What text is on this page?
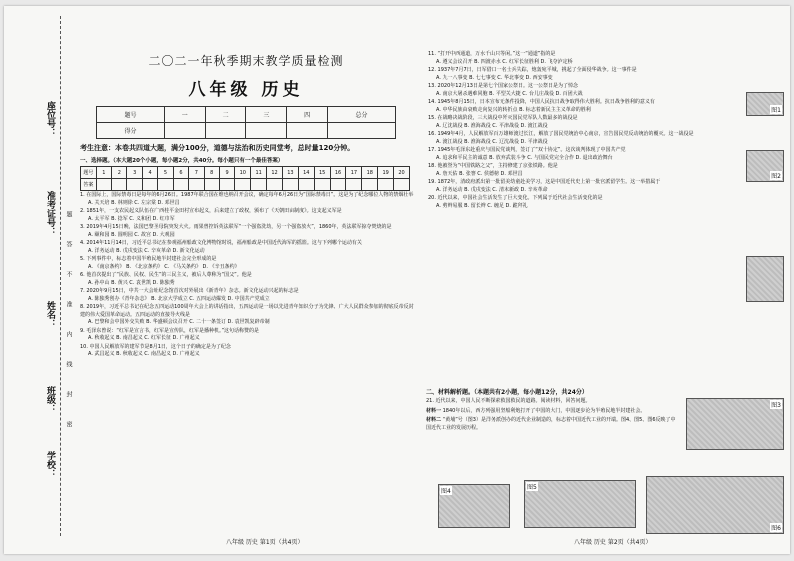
座位号：
准考证号：
姓名：
班级：
学校：
题
答
不
准
内
线
封
密
二〇二一年秋季期末教学质量检测
八年级 历史
题号	一	二	三	四	总分
得分					
考生注意：本卷共四道大题，满分100分，道德与法治和历史同堂考，总时量120分钟。
一、选择题。（本大题20个小题，每小题2分，共40分。每小题只有一个最佳答案）
题号	1	2	3	4	5	6	7	8	9	10	11	12	13	14	15	16	17	18	19	20
答案																				
1. 在国际上，国际禁毒日是每年的6月26日。1987年联合国在维也纳召开会议，确定每年6月26日为“国际禁毒日”。这是为了纪念哪位人物的禁烟壮举
A. 关天培 B. 林则徐 C. 左宗棠 D. 邓世昌
2. 1851年，一支农民起义队伍在广西桂平金田村宣布起义，后来建立了政权，颁布了《天朝田亩制度》。这支起义军是
A. 太平军 B. 捻军 C. 义和团 D. 红巾军
3. 2019年4月15日晚，法国巴黎圣母院突发大火。雨果曾控诉英法联军“一个强盗洗劫，另一个强盗放火”，1860年，英法联军掠夺焚烧的是
A. 颐和园 B. 圆明园 C. 故宫 D. 大观园
4. 2014年11月14日，习近平总书记在参观福州船政文化博物馆时说，福州船政是中国近代海军的摇篮。这与下列哪个运动有关
A. 洋务运动 B. 戊戌变法 C. 辛亥革命 D. 新文化运动
5. 下列事件中，标志着中国半殖民地半封建社会完全形成的是
A. 《南京条约》 B. 《北京条约》 C. 《马关条约》 D. 《辛丑条约》
6. 他首次提出了“民族、民权、民生”的三民主义，被后人尊称为“国父”。他是
A. 孙中山 B. 黄兴 C. 袁世凯 D. 陈独秀
7. 2020年9月15日，中共一大会址纪念馆首次对外展出《新青年》杂志。新文化运动兴起的标志是
A. 陈独秀创办《青年杂志》 B. 北京大学成立 C. 五四运动爆发 D. 中国共产党成立
8. 2019年，习近平总书记在纪念五四运动100周年大会上的讲话指出，五四运动是一场以先进青年知识分子为先锋、广大人民群众参加的彻底反帝反封建的伟大爱国革命运动。五四运动的直接导火线是
A. 巴黎和会中国外交失败 B. 华盛顿会议召开 C. 二十一条签订 D. 袁世凯复辟帝制
9. 毛泽东曾说：“红军是宣言书，红军是宣传队，红军是播种机。”这句话称赞的是
A. 秋收起义 B. 南昌起义 C. 红军长征 D. 广州起义
10. 中国人民解放军的建军节是8月1日，这个日子的确定是为了纪念
A. 武昌起义 B. 秋收起义 C. 南昌起义 D. 广州起义
八年级 历史 第1页（共4页）
11. “打开中西通道，万水千山只等闲。”这一“通道”指的是
A. 遵义会议召开 B. 四渡赤水 C. 红军长征胜利 D. 飞夺泸定桥
12. 1937年7月7日，日军借口一名士兵失踪，炮轰宛平城，挑起了全面侵华战争。这一事件是
A. 九一八事变 B. 七七事变 C. 华北事变 D. 西安事变
13. 2020年12月13日是第七个国家公祭日。这一公祭日是为了悼念
A. 南京大屠杀遇难同胞 B. 平型关大捷 C. 台儿庄战役 D. 百团大战
14. 1945年8月15日，日本宣布无条件投降，中国人民抗日战争取得伟大胜利。抗日战争胜利的意义有
A. 中华民族由衰败走向复兴的转折点 B. 标志着新民主主义革命的胜利
15. 在战略决战阶段，三大战役中歼灭国民党军队人数最多的战役是
A. 辽沈战役 B. 淮海战役 C. 平津战役 D. 渡江战役
16. 1949年4月，人民解放军百万雄师渡过长江，解放了国民党统治中心南京，宣告国民党反动统治的覆灭。这一战役是
A. 渡江战役 B. 淮海战役 C. 辽沈战役 D. 平津战役
17. 1945年毛泽东赴重庆与国民党谈判，签订了“双十协定”。这次谈判体现了中国共产党
A. 追求和平民主的诚意 B. 放弃武装斗争 C. 与国民党完全合作 D. 退出政治舞台
18. 他被誉为“中国铁路之父”，主持修建了京张铁路。他是
A. 詹天佑 B. 张謇 C. 侯德榜 D. 邓世昌
19. 1872年，清政府派出第一批留美幼童赴美学习，这是中国近代史上第一批官派留学生。这一举措属于
A. 洋务运动 B. 戊戌变法 C. 清末新政 D. 辛亥革命
20. 近代以来，中国社会生活发生了巨大变化。下列属于近代社会生活变化的是
A. 剪辫易服 B. 留长辫 C. 缠足 D. 跪拜礼
图1
图2
二、材料解析题。（本题共有2小题，每小题12分，共24分）
21. 近代以来，中国人民不断探索救国救民的道路。阅读材料，回答问题。
材料一 1840年以后，西方列强用坚船利炮打开了中国的大门，中国逐步沦为半殖民地半封建社会。
材料二 “黄埔”号（图3）是洋务派创办的近代企业制造的，标志着中国近代工业的开端。图4、图5、图6反映了中国近代工业的发展历程。
图3
图4
图5
图6
八年级 历史 第2页（共4页）
